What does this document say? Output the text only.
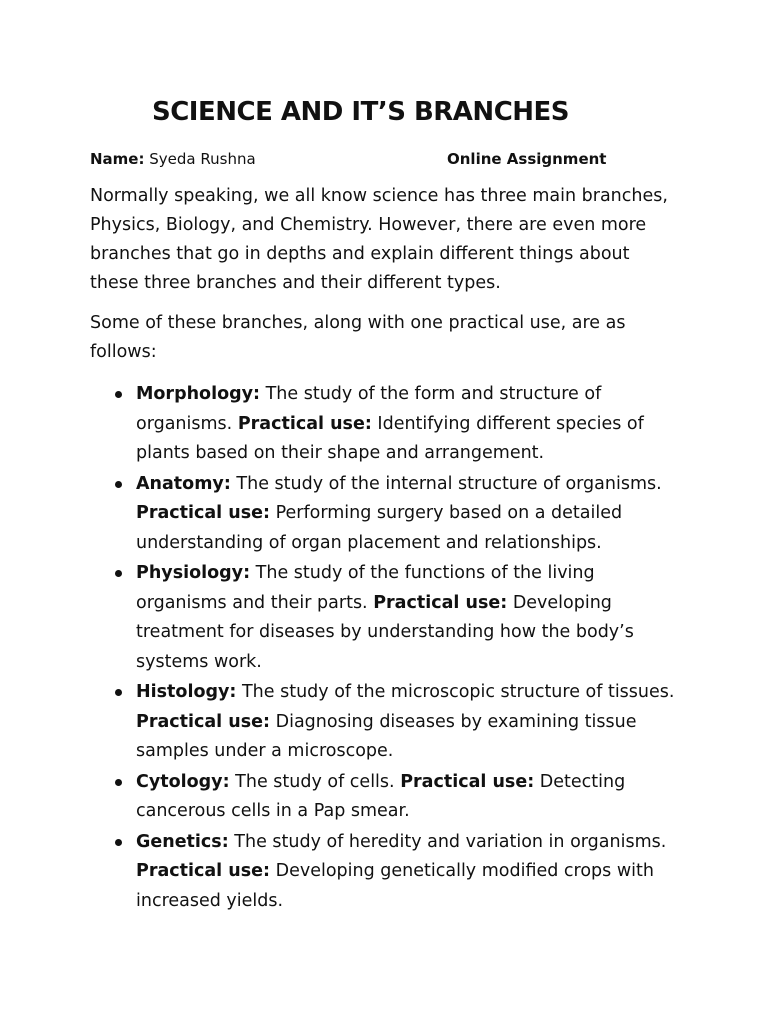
SCIENCE AND IT’S BRANCHES
Name: Syeda Rushna	Online Assignment

Normally speaking, we all know science has three main branches, Physics, Biology, and Chemistry. However, there are even more branches that go in depths and explain different things about these three branches and their different types.

Some of these branches, along with one practical use, are as follows:

Morphology: The study of the form and structure of organisms. Practical use: Identifying different species of plants based on their shape and arrangement.
Anatomy: The study of the internal structure of organisms. Practical use: Performing surgery based on a detailed understanding of organ placement and relationships.
Physiology: The study of the functions of the living organisms and their parts. Practical use: Developing treatment for diseases by understanding how the body’s systems work.
Histology: The study of the microscopic structure of tissues. Practical use: Diagnosing diseases by examining tissue samples under a microscope.
Cytology: The study of cells. Practical use: Detecting cancerous cells in a Pap smear.
Genetics: The study of heredity and variation in organisms. Practical use: Developing genetically modified crops with increased yields.
